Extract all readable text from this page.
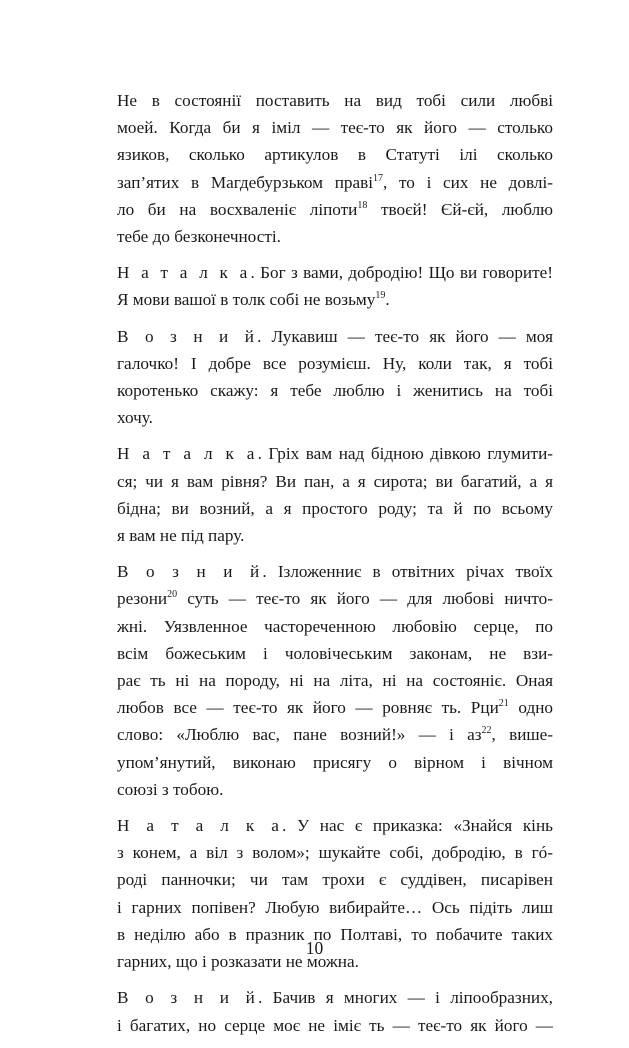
Не в состоянії поставить на вид тобі сили любві
моей. Когда би я іміл — теє-то як його — столько
язиков, сколько артикулов в Статуті ілі сколько
зап’ятих в Магдебурзьком праві$^{17}$, то і сих не довлі-
ло би на восхваленіє ліпоти$^{18}$ твоєй! Єй-єй, люблю
тебе до безконечності.

Н а т а л к а. Бог з вами, добродію! Що ви говорите!
Я мови вашої в толк собі не возьму$^{19}$.

В о з н и й. Лукавиш — теє-то як його — моя
галочко! І добре все розумієш. Ну, коли так, я тобі
коротенько скажу: я тебе люблю і женитись на тобі
хочу.

Н а т а л к а. Гріх вам над бідною дівкою глумити-
ся; чи я вам рівня? Ви пан, а я сирота; ви багатий, а я
бідна; ви возний, а я простого роду; та й по всьому
я вам не під пару.

В о з н и й. Ізложенниє в отвітних річах твоїх
резони$^{20}$ суть — теє-то як його — для любові ничто-
жні. Уязвленное частореченною любовію серце, по
всім божеським і чоловічеським законам, не взи-
рає ть ні на породу, ні на літа, ні на состояніє. Оная
любов все — теє-то як його — ровняє ть. Рци$^{21}$ одно
слово: «Люблю вас, пане возний!» — і $аз^{22}$, више-
упом’янутий, виконаю присягу о вірном і вічном
союзі з тобою.

Н а т а л к а. У нас є приказка: «Знайся кінь
з конем, а віл з волом»; шукайте собі, добродію, в гó-
роді панночки; чи там трохи є суддівен, писарівен
і гарних попівен? Любую вибирайте… Ось підіть лиш
в неділю або в празник по Полтаві, то побачите таких
гарних, що і розказати не можна.

В о з н и й. Бачив я многих — і ліпообразних,
і багатих, но серце моє не іміє ть — теє-то як його —

10
